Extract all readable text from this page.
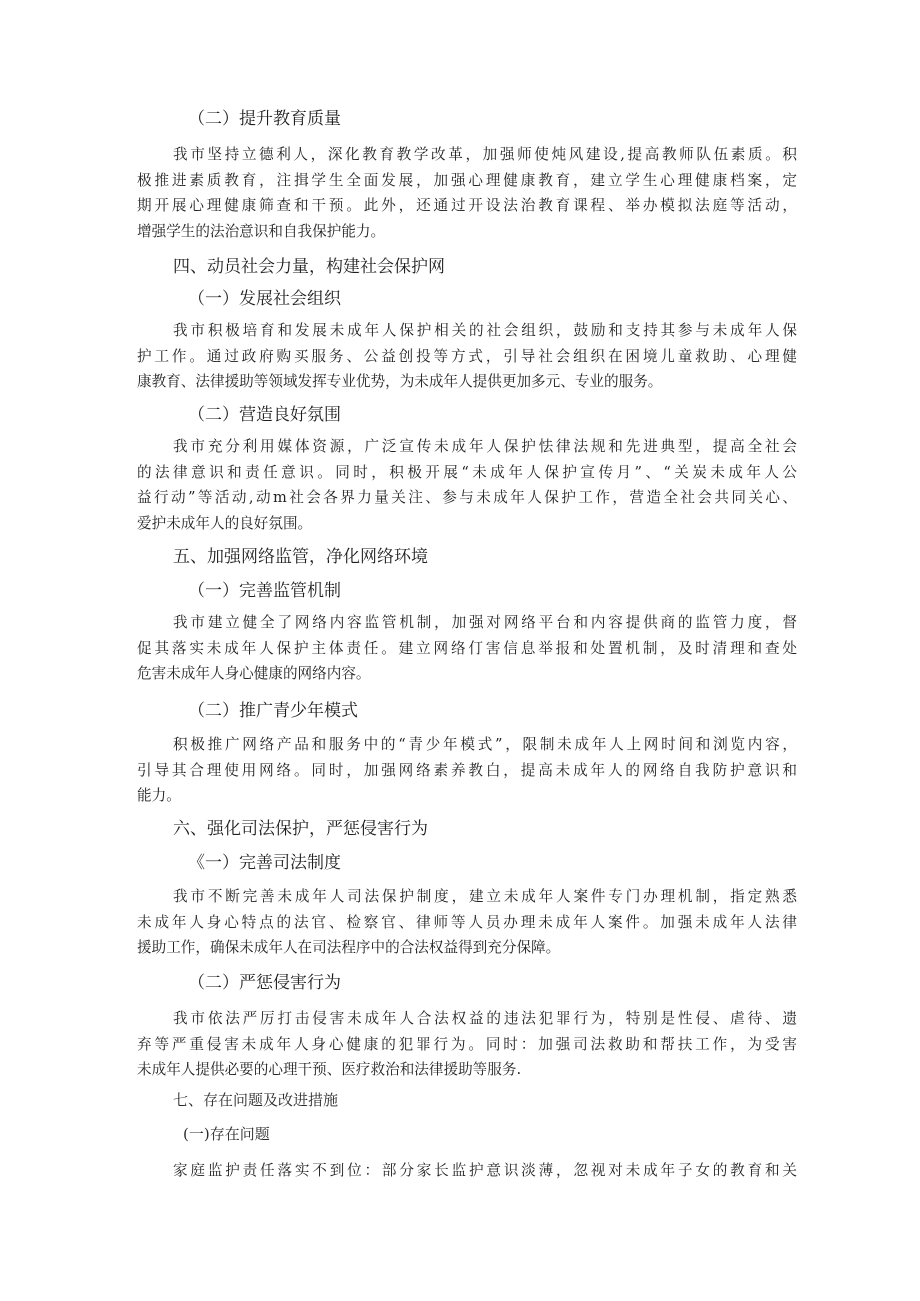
（二）提升教育质量
我市坚持立德利人，深化教育教学改革，加强师使炖风建设,提高教师队伍素质。积
极推进素质教育，注揖学生全面发展，加强心理健康教育，建立学生心理健康档案，定
期开展心理健康筛查和干预。此外，还通过开设法治教育课程、举办模拟法庭等活动，
增强学生的法治意识和自我保护能力。
四、动员社会力量，构建社会保护网
（一）发展社会组织
我市积极培育和发展未成年人保护相关的社会组织，鼓励和支持其参与未成年人保
护工作。通过政府购买服务、公益创投等方式，引导社会组织在困境儿童救助、心理健
康教育、法律援助等领域发挥专业优势，为未成年人提供更加多元、专业的服务。
（二）营造良好氛围
我市充分利用媒体资源，广泛宣传未成年人保护怯律法规和先进典型，提高全社会
的法律意识和责任意识。同时，积极开展“未成年人保护宣传月”、“关炭未成年人公
益行动”等活动,动m社会各界力量关注、参与未成年人保护工作，营造全社会共同关心、
爱护未成年人的良好氛围。
五、加强网络监管，净化网络环境
（一）完善监管机制
我市建立健全了网络内容监管机制，加强对网络平台和内容提供商的监管力度，督
促其落实未成年人保护主体责任。建立网络仃害信息举报和处置机制，及时清理和查处
危害未成年人身心健康的网络内容。
（二）推广青少年模式
积极推广网络产品和服务中的“青少年模式”，限制未成年人上网时间和浏览内容，
引导其合理使用网络。同时，加强网络素养教白，提高未成年人的网络自我防护意识和
能力。
六、强化司法保护，严惩侵害行为
《一）完善司法制度
我市不断完善未成年人司法保护制度，建立未成年人案件专门办理机制，指定熟悉
未成年人身心特点的法官、检察官、律师等人员办理未成年人案件。加强未成年人法律
援助工作，确保未成年人在司法程序中的合法权益得到充分保障。
（二）严惩侵害行为
我市依法严厉打击侵害未成年人合法权益的违法犯罪行为，特别是性侵、虐待、遗
弃等严重侵害未成年人身心健康的犯罪行为。同时：加强司法救助和帮扶工作，为受害
未成年人提供必要的心理干预、医疗救治和法律援助等服务.
七、存在问题及改进措施
(一)存在问题
家庭监护责任落实不到位：部分家长监护意识淡薄，忽视对未成年子女的教育和关
